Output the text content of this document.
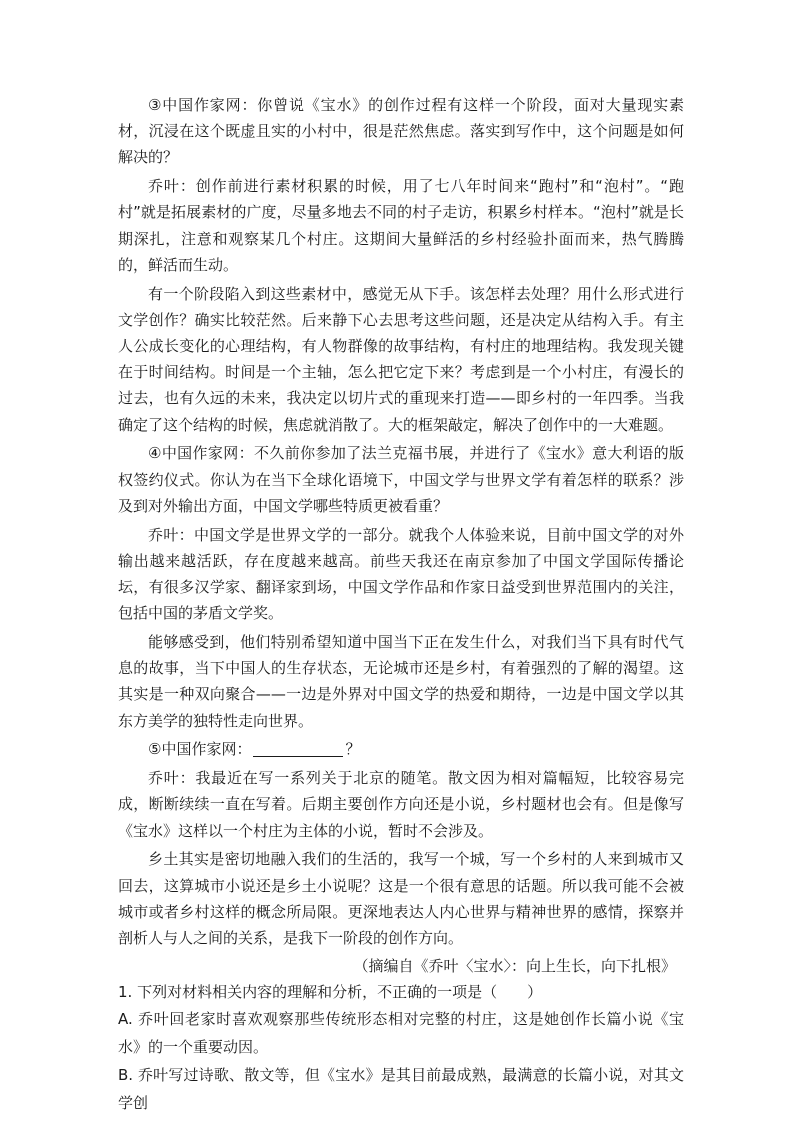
③中国作家网：你曾说《宝水》的创作过程有这样一个阶段，面对大量现实素材，沉浸在这个既虚且实的小村中，很是茫然焦虑。落实到写作中，这个问题是如何解决的？

乔叶：创作前进行素材积累的时候，用了七八年时间来“跑村”和“泡村”。“跑村”就是拓展素材的广度，尽量多地去不同的村子走访，积累乡村样本。“泡村”就是长期深扎，注意和观察某几个村庄。这期间大量鲜活的乡村经验扑面而来，热气腾腾的，鲜活而生动。

有一个阶段陷入到这些素材中，感觉无从下手。该怎样去处理？用什么形式进行文学创作？确实比较茫然。后来静下心去思考这些问题，还是决定从结构入手。有主人公成长变化的心理结构，有人物群像的故事结构，有村庄的地理结构。我发现关键在于时间结构。时间是一个主轴，怎么把它定下来？考虑到是一个小村庄，有漫长的过去，也有久远的未来，我决定以切片式的重现来打造——即乡村的一年四季。当我确定了这个结构的时候，焦虑就消散了。大的框架敲定，解决了创作中的一大难题。

④中国作家网：不久前你参加了法兰克福书展，并进行了《宝水》意大利语的版权签约仪式。你认为在当下全球化语境下，中国文学与世界文学有着怎样的联系？涉及到对外输出方面，中国文学哪些特质更被看重？

乔叶：中国文学是世界文学的一部分。就我个人体验来说，目前中国文学的对外输出越来越活跃，存在度越来越高。前些天我还在南京参加了中国文学国际传播论坛，有很多汉学家、翻译家到场，中国文学作品和作家日益受到世界范围内的关注，包括中国的茅盾文学奖。

能够感受到，他们特别希望知道中国当下正在发生什么，对我们当下具有时代气息的故事，当下中国人的生存状态，无论城市还是乡村，有着强烈的了解的渴望。这其实是一种双向聚合——一边是外界对中国文学的热爱和期待，一边是中国文学以其东方美学的独特性走向世界。

⑤中国作家网：	？

乔叶：我最近在写一系列关于北京的随笔。散文因为相对篇幅短，比较容易完成，断断续续一直在写着。后期主要创作方向还是小说，乡村题材也会有。但是像写《宝水》这样以一个村庄为主体的小说，暂时不会涉及。

乡土其实是密切地融入我们的生活的，我写一个城，写一个乡村的人来到城市又回去，这算城市小说还是乡土小说呢？这是一个很有意思的话题。所以我可能不会被城市或者乡村这样的概念所局限。更深地表达人内心世界与精神世界的感情，探察并剖析人与人之间的关系，是我下一阶段的创作方向。

（摘编自《乔叶〈宝水〉：向上生长，向下扎根》

1. 下列对材料相关内容的理解和分析，不正确的一项是（　　）

A. 乔叶回老家时喜欢观察那些传统形态相对完整的村庄，这是她创作长篇小说《宝水》的一个重要动因。

B. 乔叶写过诗歌、散文等，但《宝水》是其目前最成熟，最满意的长篇小说，对其文学创
